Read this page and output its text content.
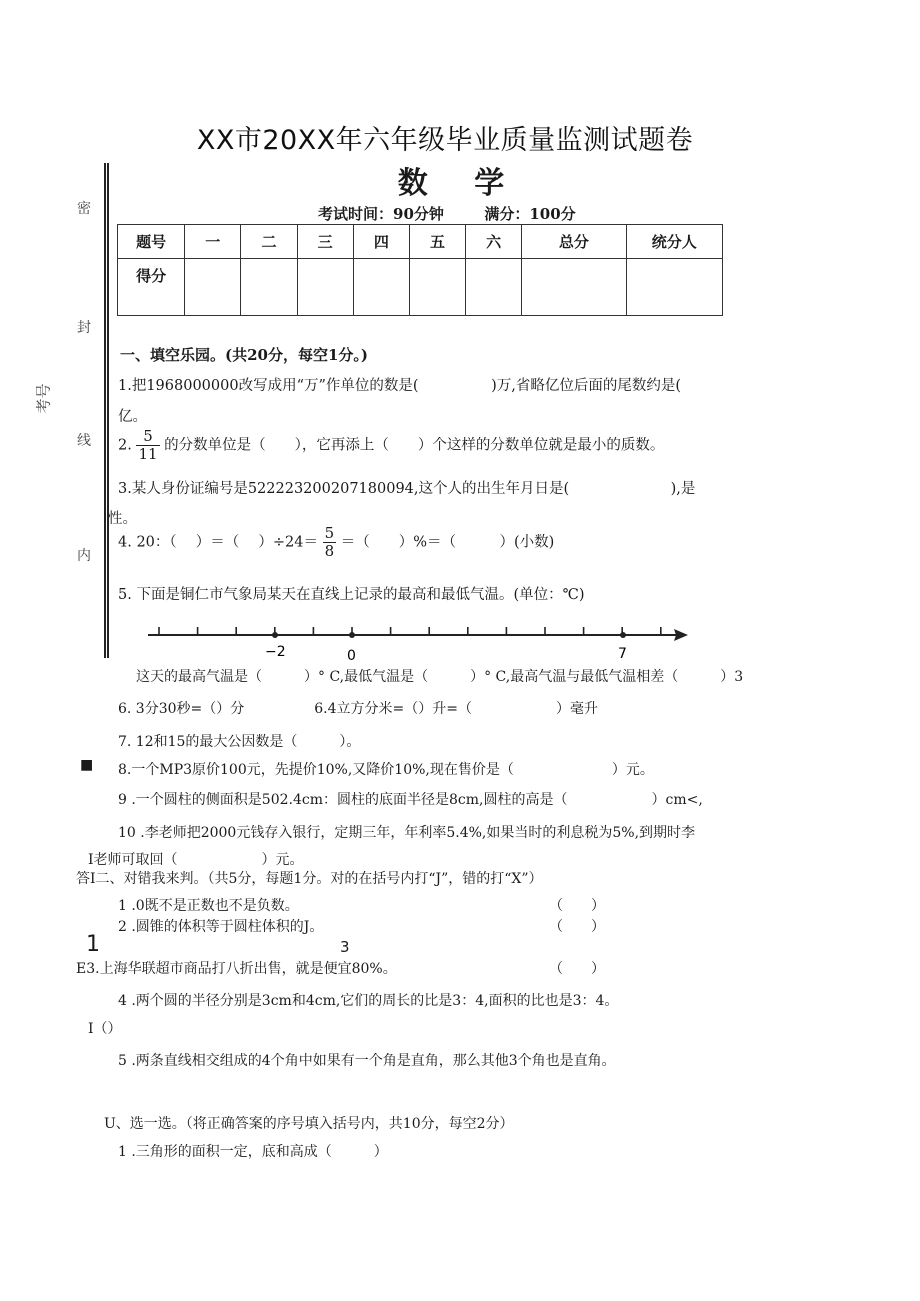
XX市20XX年六年级毕业质量监测试题卷
数 学
考试时间：90分钟	满分：100分
密
封
线
内
考号
题号	一	二	三	四	五	六	总分	统分人
得分								
一、填空乐园。(共20分，每空1分。)
1.把1968000000改写成用“万”作单位的数是(　　　　　)万,省略亿位后面的尾数约是(
亿。
2. $\frac{5}{11}$ 的分数单位是（　　），它再添上（　　）个这样的分数单位就是最小的质数。
3.某人身份证编号是522223200207180094,这个人的出生年月日是(　　　　　　　),是
性。
4. 20：（　 ）＝（　 ）$\div 24= \frac{5}{8}$ ＝（　　）%＝（　　　）(小数)
5. 下面是铜仁市气象局某天在直线上记录的最高和最低气温。(单位：℃)
−2	0	7
这天的最高气温是（　　　）° C,最低气温是（　　　）° C,最高气温与最低气温相差（　　　）3
6. 3分30秒=（）分　　　　　6.4立方分米=（）升=（　　　　　　）毫升
7. 12和15的最大公因数是（　　　）。
■ 8.一个MP3原价100元，先提价10%,又降价10%,现在售价是（　　　　　　　）元。
9 .一个圆柱的侧面积是502.4cm：圆柱的底面半径是8cm,圆柱的高是（　　　　　　）cm<,
10 .李老师把2000元钱存入银行，定期三年，年利率5.4%,如果当时的利息税为5%,到期时李
I老师可取回（　　　　　　）元。
答I二、对错我来判。（共5分，每题1分。对的在括号内打“J”，错的打“X”）
1 .0既不是正数也不是负数。	（　　）
2 .圆锥的体积等于圆柱体积的J。	（　　）
1	3
E3.上海华联超市商品打八折出售，就是便宜80%。	（　　）
4 .两个圆的半径分别是3cm和4cm,它们的周长的比是3：4,面积的比也是3：4。
I（）
5 .两条直线相交组成的4个角中如果有一个角是直角，那么其他3个角也是直角。
U、选一选。（将正确答案的序号填入括号内，共10分，每空2分）
1 .三角形的面积一定，底和高成（　　　）
